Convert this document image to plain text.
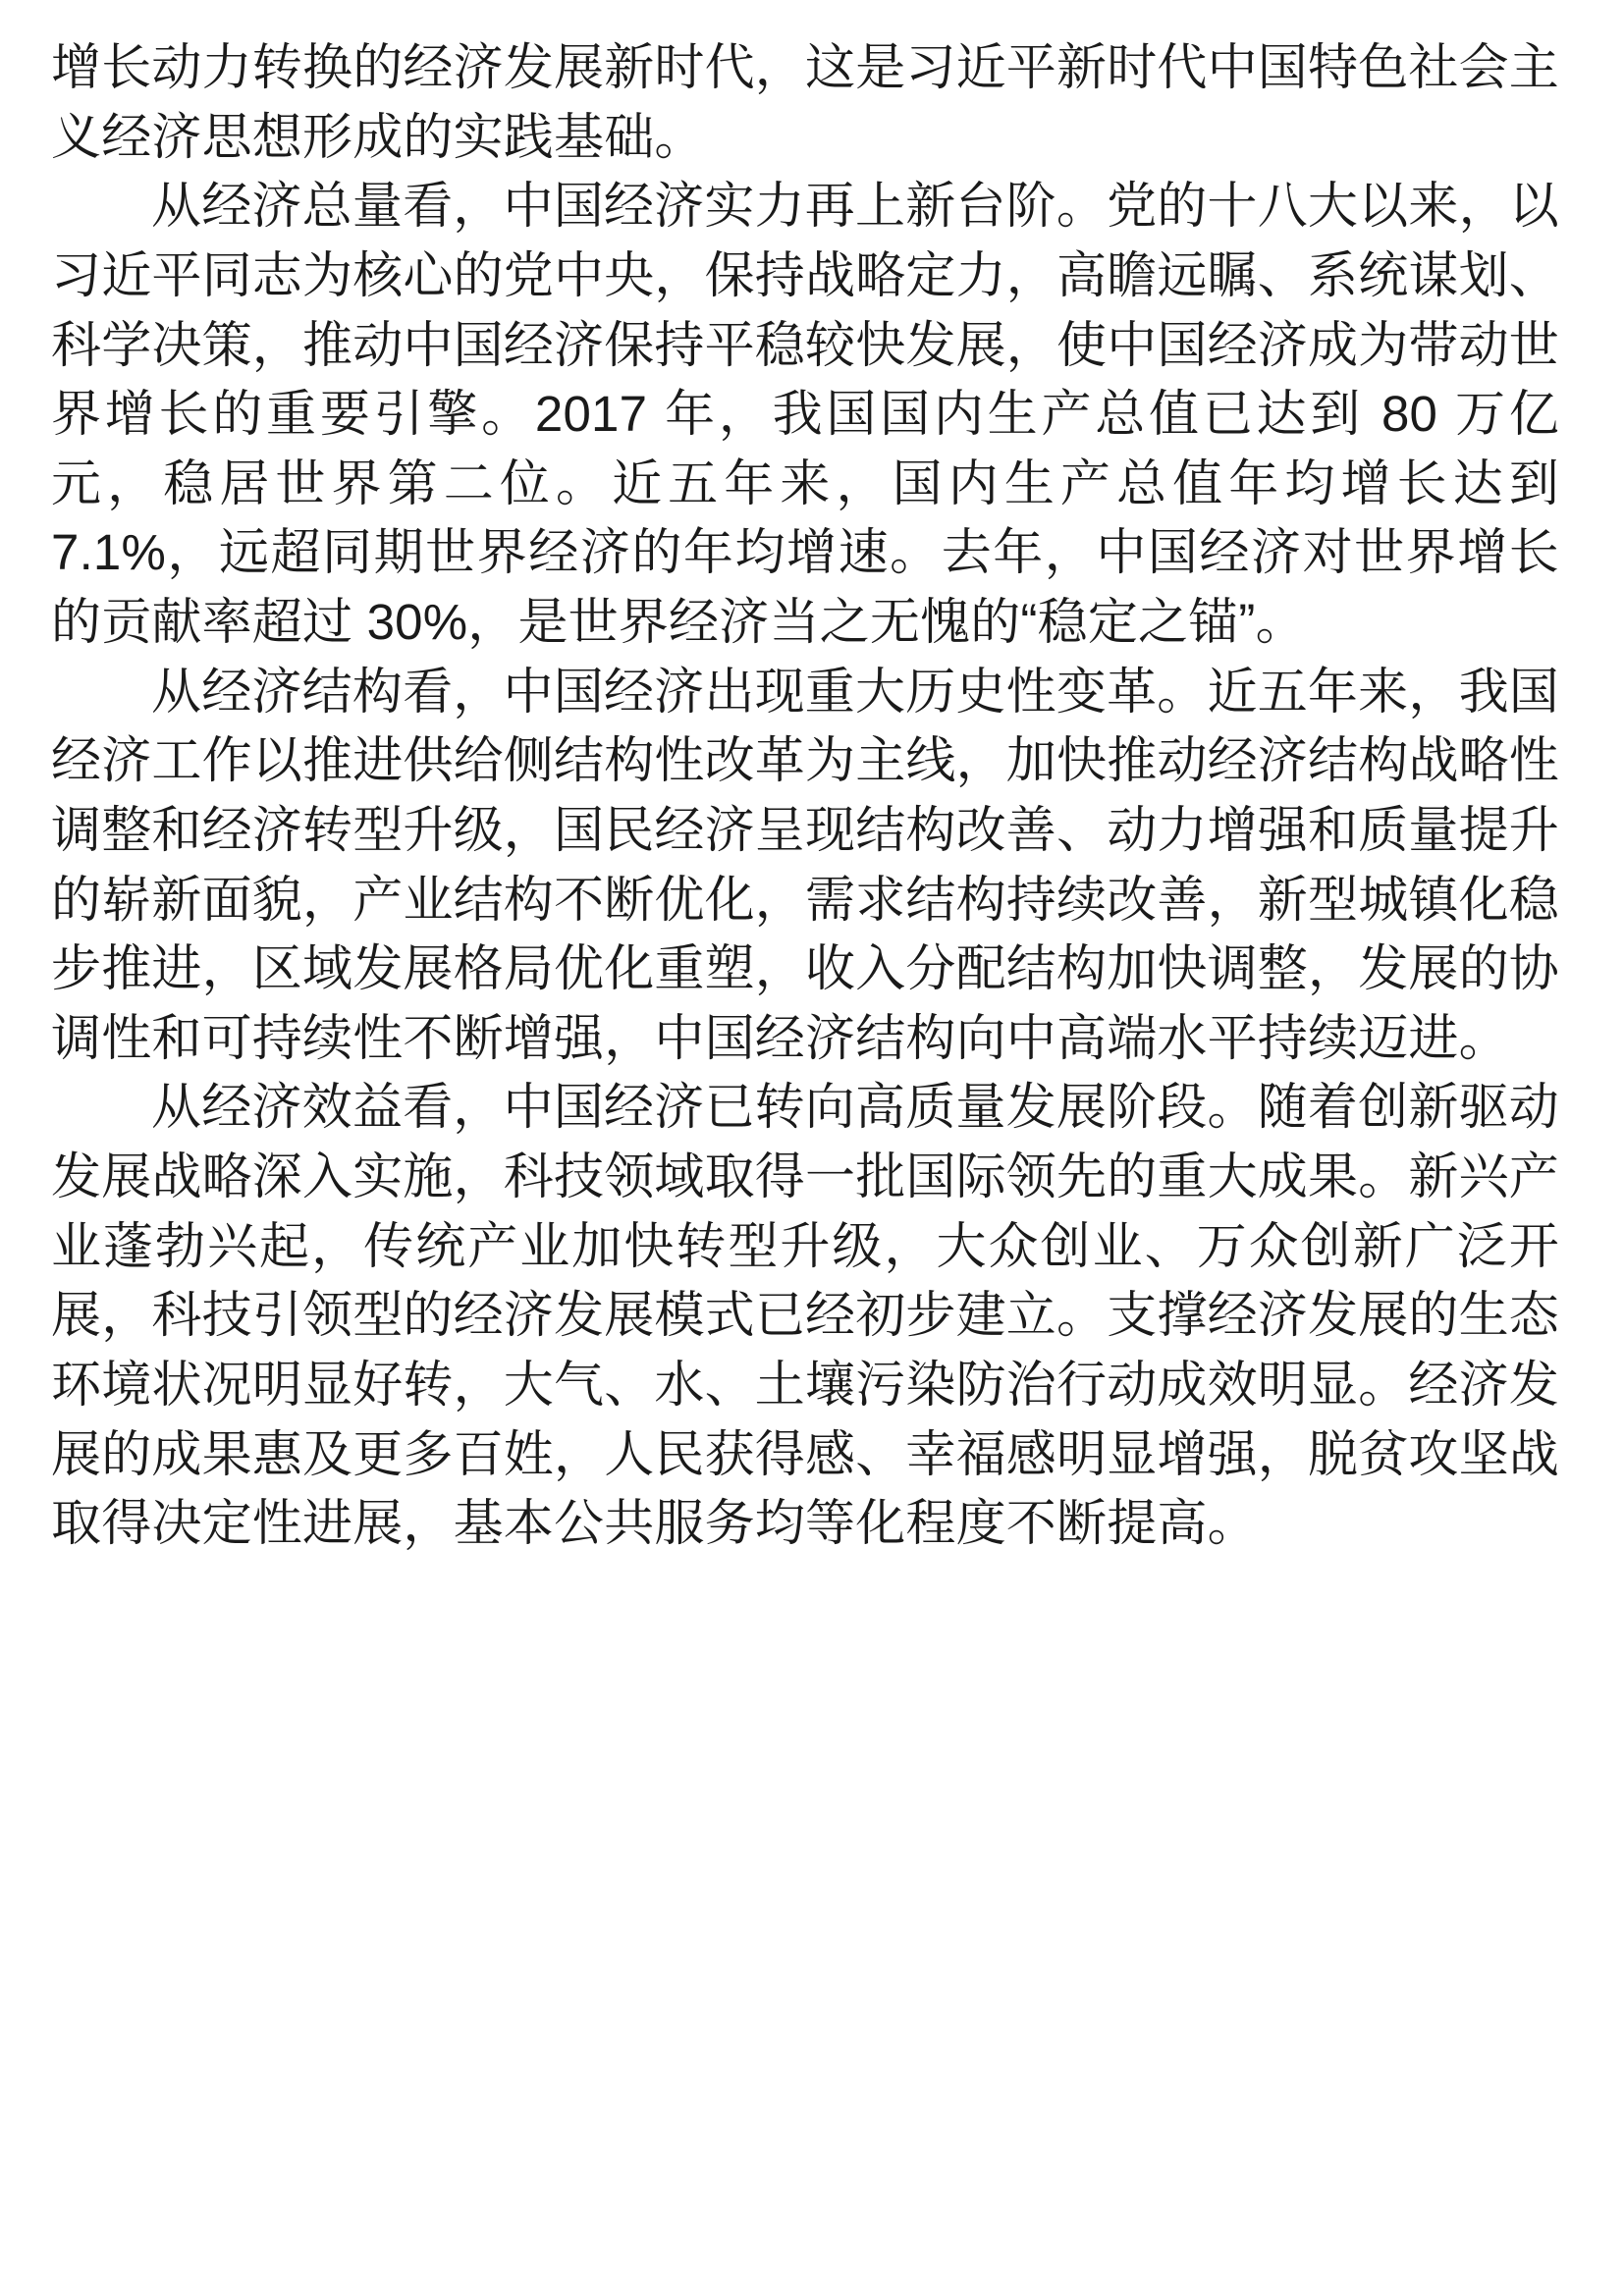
增长动力转换的经济发展新时代，这是习近平新时代中国特色社会主义经济思想形成的实践基础。

从经济总量看，中国经济实力再上新台阶。党的十八大以来，以习近平同志为核心的党中央，保持战略定力，高瞻远瞩、系统谋划、科学决策，推动中国经济保持平稳较快发展，使中国经济成为带动世界增长的重要引擎。2017 年，我国国内生产总值已达到 80 万亿元，稳居世界第二位。近五年来，国内生产总值年均增长达到 7.1%，远超同期世界经济的年均增速。去年，中国经济对世界增长的贡献率超过 30%，是世界经济当之无愧的“稳定之锚”。

从经济结构看，中国经济出现重大历史性变革。近五年来，我国经济工作以推进供给侧结构性改革为主线，加快推动经济结构战略性调整和经济转型升级，国民经济呈现结构改善、动力增强和质量提升的崭新面貌，产业结构不断优化，需求结构持续改善，新型城镇化稳步推进，区域发展格局优化重塑，收入分配结构加快调整，发展的协调性和可持续性不断增强，中国经济结构向中高端水平持续迈进。

从经济效益看，中国经济已转向高质量发展阶段。随着创新驱动发展战略深入实施，科技领域取得一批国际领先的重大成果。新兴产业蓬勃兴起，传统产业加快转型升级，大众创业、万众创新广泛开展，科技引领型的经济发展模式已经初步建立。支撑经济发展的生态环境状况明显好转，大气、水、土壤污染防治行动成效明显。经济发展的成果惠及更多百姓，人民获得感、幸福感明显增强，脱贫攻坚战取得决定性进展，基本公共服务均等化程度不断提高。
